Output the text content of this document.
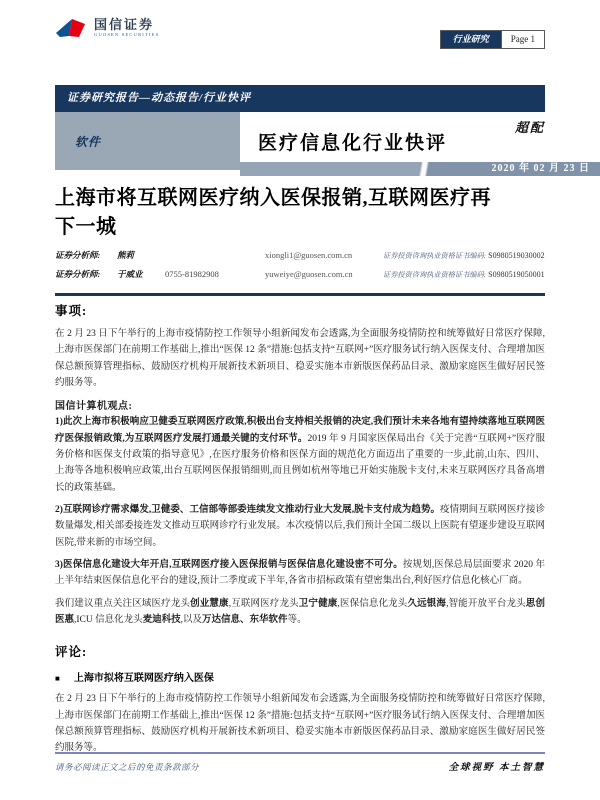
国信证券
GUOSEN SECURITIES	行业研究	Page 1
证券研究报告—动态报告/行业快评
软件	医疗信息化行业快评
超配
2020 年 02 月 23 日
上海市将互联网医疗纳入医保报销,互联网医疗再
下一城
证券分析师:	熊莉	xiongli1@guosen.com.cn	证券投资咨询执业资格证书编码: S0980519030002
证券分析师:	于威业	0755-81982908	yuweiye@guosen.com.cn	证券投资咨询执业资格证书编码: S0980519050001
事项:

在 2 月 23 日下午举行的上海市疫情防控工作领导小组新闻发布会透露,为全面服务疫情防控和统筹做好日常医疗保障,上海市医保部门在前期工作基础上,推出“医保 12 条”措施:包括支持“互联网+”医疗服务试行纳入医保支付、合理增加医保总额预算管理指标、鼓励医疗机构开展新技术新项目、稳妥实施本市新版医保药品目录、激励家庭医生做好居民签约服务等。

国信计算机观点:

1)此次上海市积极响应卫健委互联网医疗政策,积极出台支持相关报销的决定,我们预计未来各地有望持续落地互联网医疗医保报销政策,为互联网医疗发展打通最关键的支付环节。2019 年 9 月国家医保局出台《关于完善“互联网+”医疗服务价格和医保支付政策的指导意见》,在医疗服务价格和医保方面的规范化方面迈出了重要的一步,此前,山东、四川、上海等各地积极响应政策,出台互联网医保报销细则,而且例如杭州等地已开始实施脱卡支付,未来互联网医疗具备高增长的政策基础。

2)互联网诊疗需求爆发,卫健委、工信部等部委连续发文推动行业大发展,脱卡支付成为趋势。疫情期间互联网医疗接诊数量爆发,相关部委接连发文推动互联网诊疗行业发展。本次疫情以后,我们预计全国二级以上医院有望逐步建设互联网医院,带来新的市场空间。

3)医保信息化建设大年开启,互联网医疗接入医保报销与医保信息化建设密不可分。按规划,医保总局层面要求 2020 年上半年结束医保信息化平台的建设,预计二季度或下半年,各省市招标政策有望密集出台,利好医疗信息化核心厂商。

我们建议重点关注区域医疗龙头创业慧康,互联网医疗龙头卫宁健康,医保信息化龙头久远银海,智能开放平台龙头思创医惠,ICU 信息化龙头麦迪科技,以及万达信息、东华软件等。

评论:
■ 上海市拟将互联网医疗纳入医保

在 2 月 23 日下午举行的上海市疫情防控工作领导小组新闻发布会透露,为全面服务疫情防控和统筹做好日常医疗保障,上海市医保部门在前期工作基础上,推出“医保 12 条”措施:包括支持“互联网+”医疗服务试行纳入医保支付、合理增加医保总额预算管理指标、鼓励医疗机构开展新技术新项目、稳妥实施本市新版医保药品目录、激励家庭医生做好居民签约服务等。

请务必阅读正文之后的免责条款部分	全球视野 本土智慧
